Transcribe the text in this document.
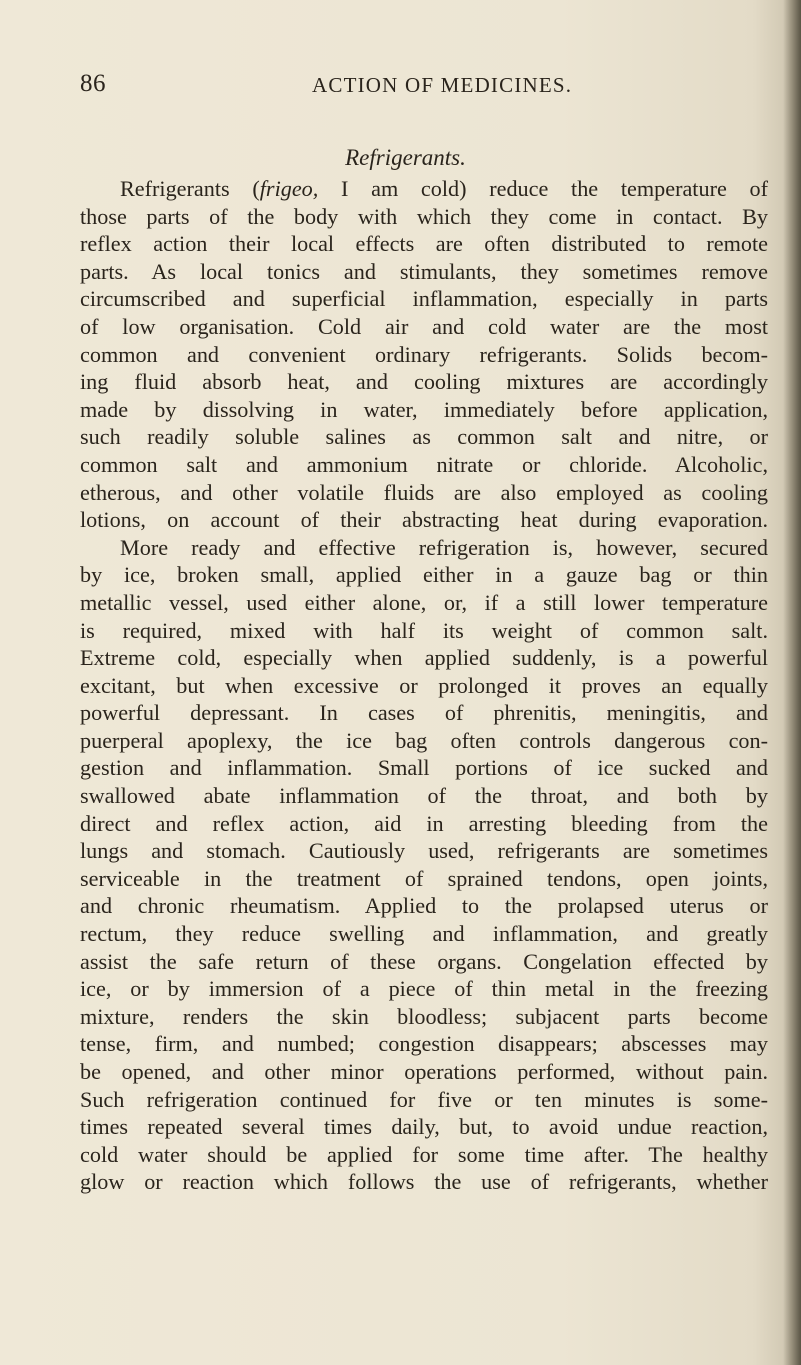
86	ACTION OF MEDICINES.
Refrigerants.
Refrigerants (frigeo, I am cold) reduce the temperature of
those parts of the body with which they come in contact. By
reflex action their local effects are often distributed to remote
parts. As local tonics and stimulants, they sometimes remove
circumscribed and superficial inflammation, especially in parts
of low organisation. Cold air and cold water are the most
common and convenient ordinary refrigerants. Solids becom-
ing fluid absorb heat, and cooling mixtures are accordingly
made by dissolving in water, immediately before application,
such readily soluble salines as common salt and nitre, or
common salt and ammonium nitrate or chloride. Alcoholic,
etherous, and other volatile fluids are also employed as cooling
lotions, on account of their abstracting heat during evaporation.
More ready and effective refrigeration is, however, secured
by ice, broken small, applied either in a gauze bag or thin
metallic vessel, used either alone, or, if a still lower temperature
is required, mixed with half its weight of common salt.
Extreme cold, especially when applied suddenly, is a powerful
excitant, but when excessive or prolonged it proves an equally
powerful depressant. In cases of phrenitis, meningitis, and
puerperal apoplexy, the ice bag often controls dangerous con-
gestion and inflammation. Small portions of ice sucked and
swallowed abate inflammation of the throat, and both by
direct and reflex action, aid in arresting bleeding from the
lungs and stomach. Cautiously used, refrigerants are sometimes
serviceable in the treatment of sprained tendons, open joints,
and chronic rheumatism. Applied to the prolapsed uterus or
rectum, they reduce swelling and inflammation, and greatly
assist the safe return of these organs. Congelation effected by
ice, or by immersion of a piece of thin metal in the freezing
mixture, renders the skin bloodless; subjacent parts become
tense, firm, and numbed; congestion disappears; abscesses may
be opened, and other minor operations performed, without pain.
Such refrigeration continued for five or ten minutes is some-
times repeated several times daily, but, to avoid undue reaction,
cold water should be applied for some time after. The healthy
glow or reaction which follows the use of refrigerants, whether
